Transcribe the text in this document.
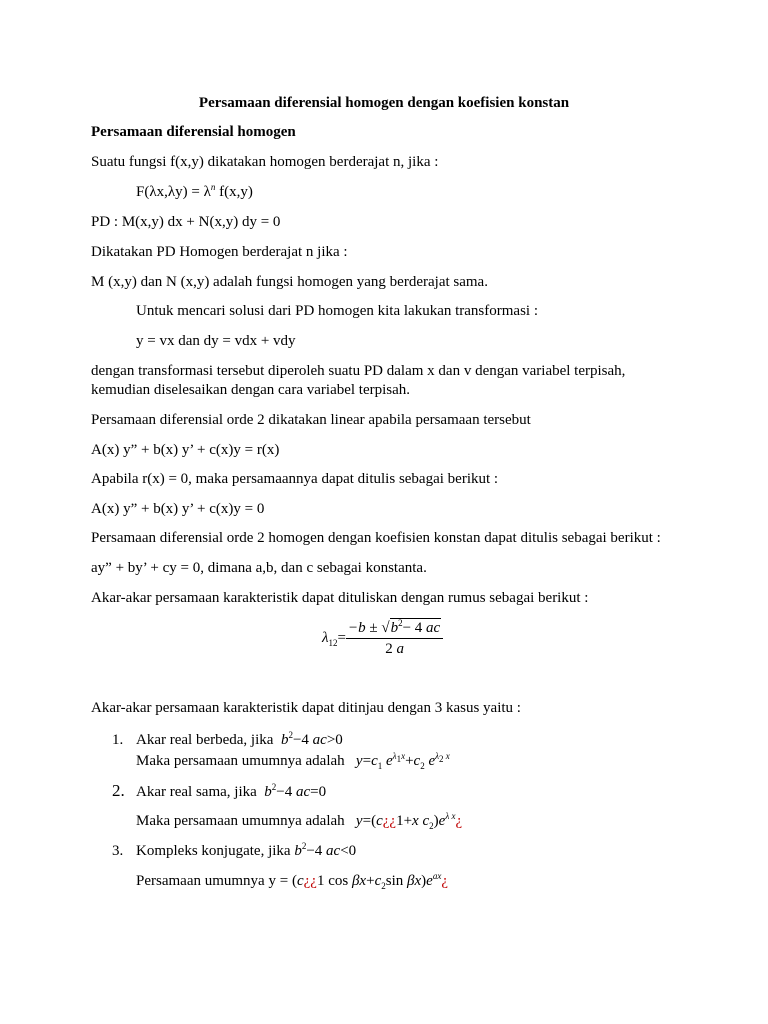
Persamaan diferensial homogen dengan koefisien konstan
Persamaan diferensial homogen
Suatu fungsi f(x,y) dikatakan homogen berderajat n, jika :
$F(\lambda x,\lambda y) = \lambda^n$ f(x,y)
PD : M(x,y) dx + N(x,y) dy = 0
Dikatakan PD Homogen berderajat n jika :
M (x,y) dan N (x,y) adalah fungsi homogen yang berderajat sama.
Untuk mencari solusi dari PD homogen kita lakukan transformasi :
y = vx dan dy = vdx + vdy
dengan transformasi tersebut diperoleh suatu PD dalam x dan v dengan variabel terpisah,
kemudian diselesaikan dengan cara variabel terpisah.
Persamaan diferensial orde 2 dikatakan linear apabila persamaan tersebut
A(x) y” + b(x) y’ + c(x)y = r(x)
Apabila r(x) = 0, maka persamaannya dapat ditulis sebagai berikut :
A(x) y” + b(x) y’ + c(x)y = 0
Persamaan diferensial orde 2 homogen dengan koefisien konstan dapat ditulis sebagai berikut :
ay” + by’ + cy = 0, dimana a,b, dan c sebagai konstanta.
Akar-akar persamaan karakteristik dapat dituliskan dengan rumus sebagai berikut :
$\lambda_{12}= \frac{-b \pm √b^2- 4 ac}{2 a}$
Akar-akar persamaan karakteristik dapat ditinjau dengan 3 kasus yaitu :
1. Akar real berbeda, jika $b^2-4$ ac>0
Maka persamaan umumnya adalah $y=c_1$ $e^{\lambda_1x}+c_2$ $e^{\lambda_2 x}$
2. Akar real sama, jika $b^2-4$ ac=0
Maka persamaan umumnya adalah y=(c¿¿1+x $c_2)e^{\lambda x}¿$
3. Kompleks konjugate, jika $b^2-4$ ac<0
Persamaan umumnya y = (c¿¿1 $\cos \beta x+c_2\sin$ $\beta x)e^{ax}¿$
